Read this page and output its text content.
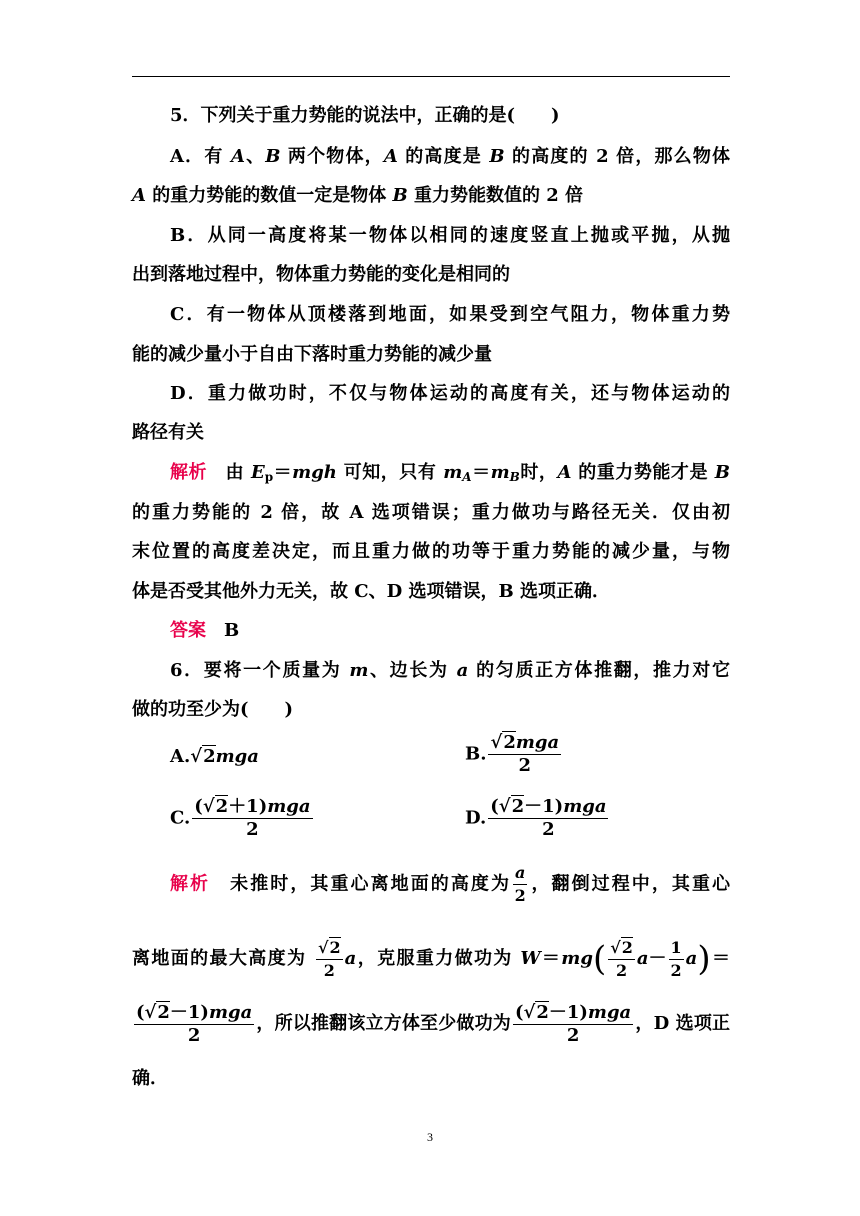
5．下列关于重力势能的说法中，正确的是(　　)
A．有 A、B 两个物体，A 的高度是 B 的高度的 2 倍，那么物体
A 的重力势能的数值一定是物体 B 重力势能数值的 2 倍
B．从同一高度将某一物体以相同的速度竖直上抛或平抛，从抛
出到落地过程中，物体重力势能的变化是相同的
C．有一物体从顶楼落到地面，如果受到空气阻力，物体重力势
能的减少量小于自由下落时重力势能的减少量
D．重力做功时，不仅与物体运动的高度有关，还与物体运动的
路径有关
解析　由 Ep＝mgh 可知，只有 mA＝mB时，A 的重力势能才是 B
的重力势能的 2 倍，故 A 选项错误；重力做功与路径无关．仅由初
末位置的高度差决定，而且重力做的功等于重力势能的减少量，与物
体是否受其他外力无关，故 C、D 选项错误，B 选项正确．
答案　 B
6．要将一个质量为 m、边长为 a 的匀质正方体推翻，推力对它
做的功至少为(　　)
A.√2mga	B. $\frac{\text{√2mga}}{2}$
C. $\frac{\text{(√2＋1)mga}}{2}$	D. $\frac{\text{(√2－1)mga}}{2}$
解析　未推时，其重心离地面的高度为 $\frac{a}{2}$ ，翻倒过程中，其重心
离地面的最大高度为 $\frac{√2}{2}$ a，克服重力做功为 $W=mg( \frac{√2}{2} a- \frac{1}{2} a)=$
$\frac{\text{(√2－1)mga}}{2}$ ，所以推翻该立方体至少做功为 $\frac{\text{(√2－1)mga}}{2}$ ，D 选项正
确．
3
